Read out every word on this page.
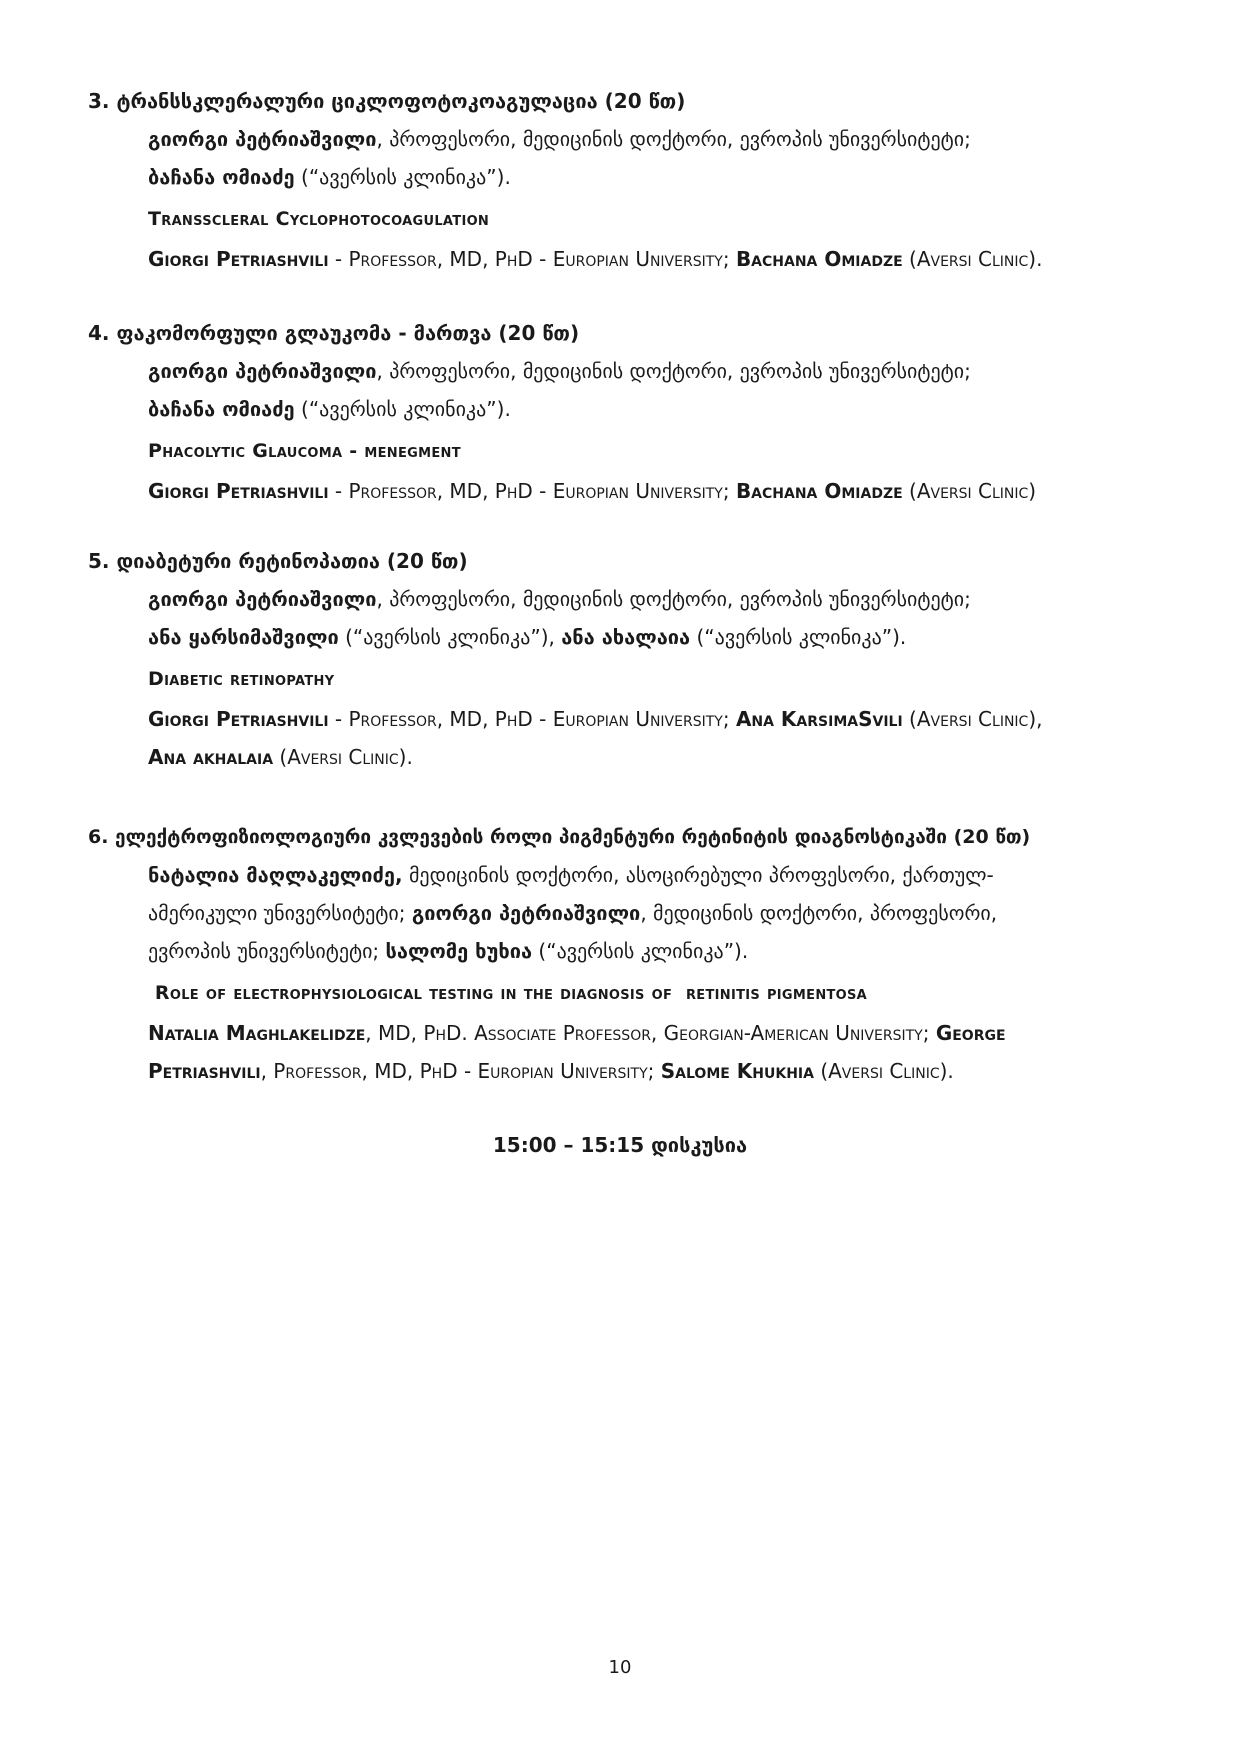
3. ტრანსსკლერალური ციკლოფოტოკოაგულაცია (20 წთ)

გიორგი პეტრიაშვილი, პროფესორი, მედიცინის დოქტორი, ევროპის უნივერსიტეტი;
ბაჩანა ომიაძე (“ავერსის კლინიკა”).

Transscleral Cyclophotocoagulation

Giorgi Petriashvili - Professor, MD, PhD - Europian University; Bachana Omiadze (Aversi Clinic).

4. ფაკომორფული გლაუკომა - მართვა (20 წთ)

გიორგი პეტრიაშვილი, პროფესორი, მედიცინის დოქტორი, ევროპის უნივერსიტეტი;
ბაჩანა ომიაძე (“ავერსის კლინიკა”).

Phacolytic Glaucoma - menegment

Giorgi Petriashvili - Professor, MD, PhD - Europian University; Bachana Omiadze (Aversi Clinic)

5. დიაბეტური რეტინოპათია (20 წთ)

გიორგი პეტრიაშვილი, პროფესორი, მედიცინის დოქტორი, ევროპის უნივერსიტეტი;
ანა ყარსიმაშვილი (“ავერსის კლინიკა”), ანა ახალაია (“ავერსის კლინიკა”).

Diabetic retinopathy

Giorgi Petriashvili - Professor, MD, PhD - Europian University; Ana KarsimaSvili (Aversi Clinic),
Ana akhalaia (Aversi Clinic).

6. ელექტროფიზიოლოგიური კვლევების როლი პიგმენტური რეტინიტის დიაგნოსტიკაში (20 წთ)

ნატალია მაღლაკელიძე, მედიცინის დოქტორი, ასოცირებული პროფესორი, ქართულ-
ამერიკული უნივერსიტეტი; გიორგი პეტრიაშვილი, მედიცინის დოქტორი, პროფესორი,
ევროპის უნივერსიტეტი; სალომე ხუხია (“ავერსის კლინიკა”).

Role of electrophysiological testing in the diagnosis of  retinitis pigmentosa

Natalia Maghlakelidze, MD, PhD. Associate Professor, Georgian-American University; George
Petriashvili, Professor, MD, PhD - Europian University; Salome Khukhia (Aversi Clinic).

15:00 – 15:15 დისკუსია
10
